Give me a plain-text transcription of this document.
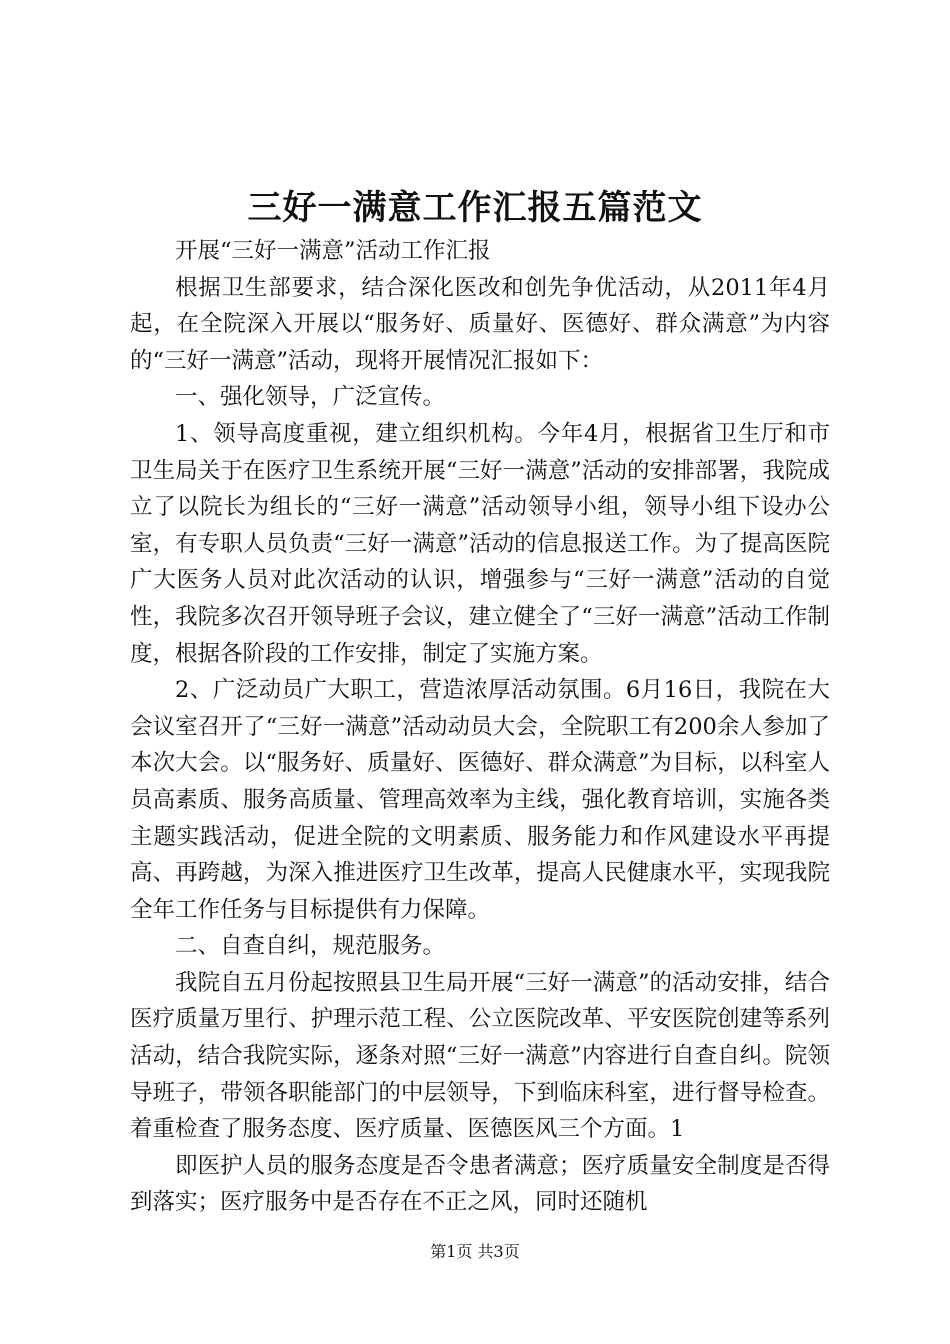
三好一满意工作汇报五篇范文

开展“三好一满意”活动工作汇报

根据卫生部要求，结合深化医改和创先争优活动，从2011年4月起，在全院深入开展以“服务好、质量好、医德好、群众满意”为内容的“三好一满意”活动，现将开展情况汇报如下：

一、强化领导，广泛宣传。

1、领导高度重视，建立组织机构。今年4月，根据省卫生厅和市卫生局关于在医疗卫生系统开展“三好一满意”活动的安排部署，我院成立了以院长为组长的“三好一满意”活动领导小组，领导小组下设办公室，有专职人员负责“三好一满意”活动的信息报送工作。为了提高医院广大医务人员对此次活动的认识，增强参与“三好一满意”活动的自觉性，我院多次召开领导班子会议，建立健全了“三好一满意”活动工作制度，根据各阶段的工作安排，制定了实施方案。

2、广泛动员广大职工，营造浓厚活动氛围。6月16日，我院在大会议室召开了“三好一满意”活动动员大会，全院职工有200余人参加了本次大会。以“服务好、质量好、医德好、群众满意”为目标，以科室人员高素质、服务高质量、管理高效率为主线，强化教育培训，实施各类主题实践活动，促进全院的文明素质、服务能力和作风建设水平再提高、再跨越，为深入推进医疗卫生改革，提高人民健康水平，实现我院全年工作任务与目标提供有力保障。

二、自查自纠，规范服务。

我院自五月份起按照县卫生局开展“三好一满意”的活动安排，结合医疗质量万里行、护理示范工程、公立医院改革、平安医院创建等系列活动，结合我院实际，逐条对照“三好一满意”内容进行自查自纠。院领导班子，带领各职能部门的中层领导，下到临床科室，进行督导检查。着重检查了服务态度、医疗质量、医德医风三个方面。1

即医护人员的服务态度是否令患者满意；医疗质量安全制度是否得到落实；医疗服务中是否存在不正之风，同时还随机

第1页 共3页
